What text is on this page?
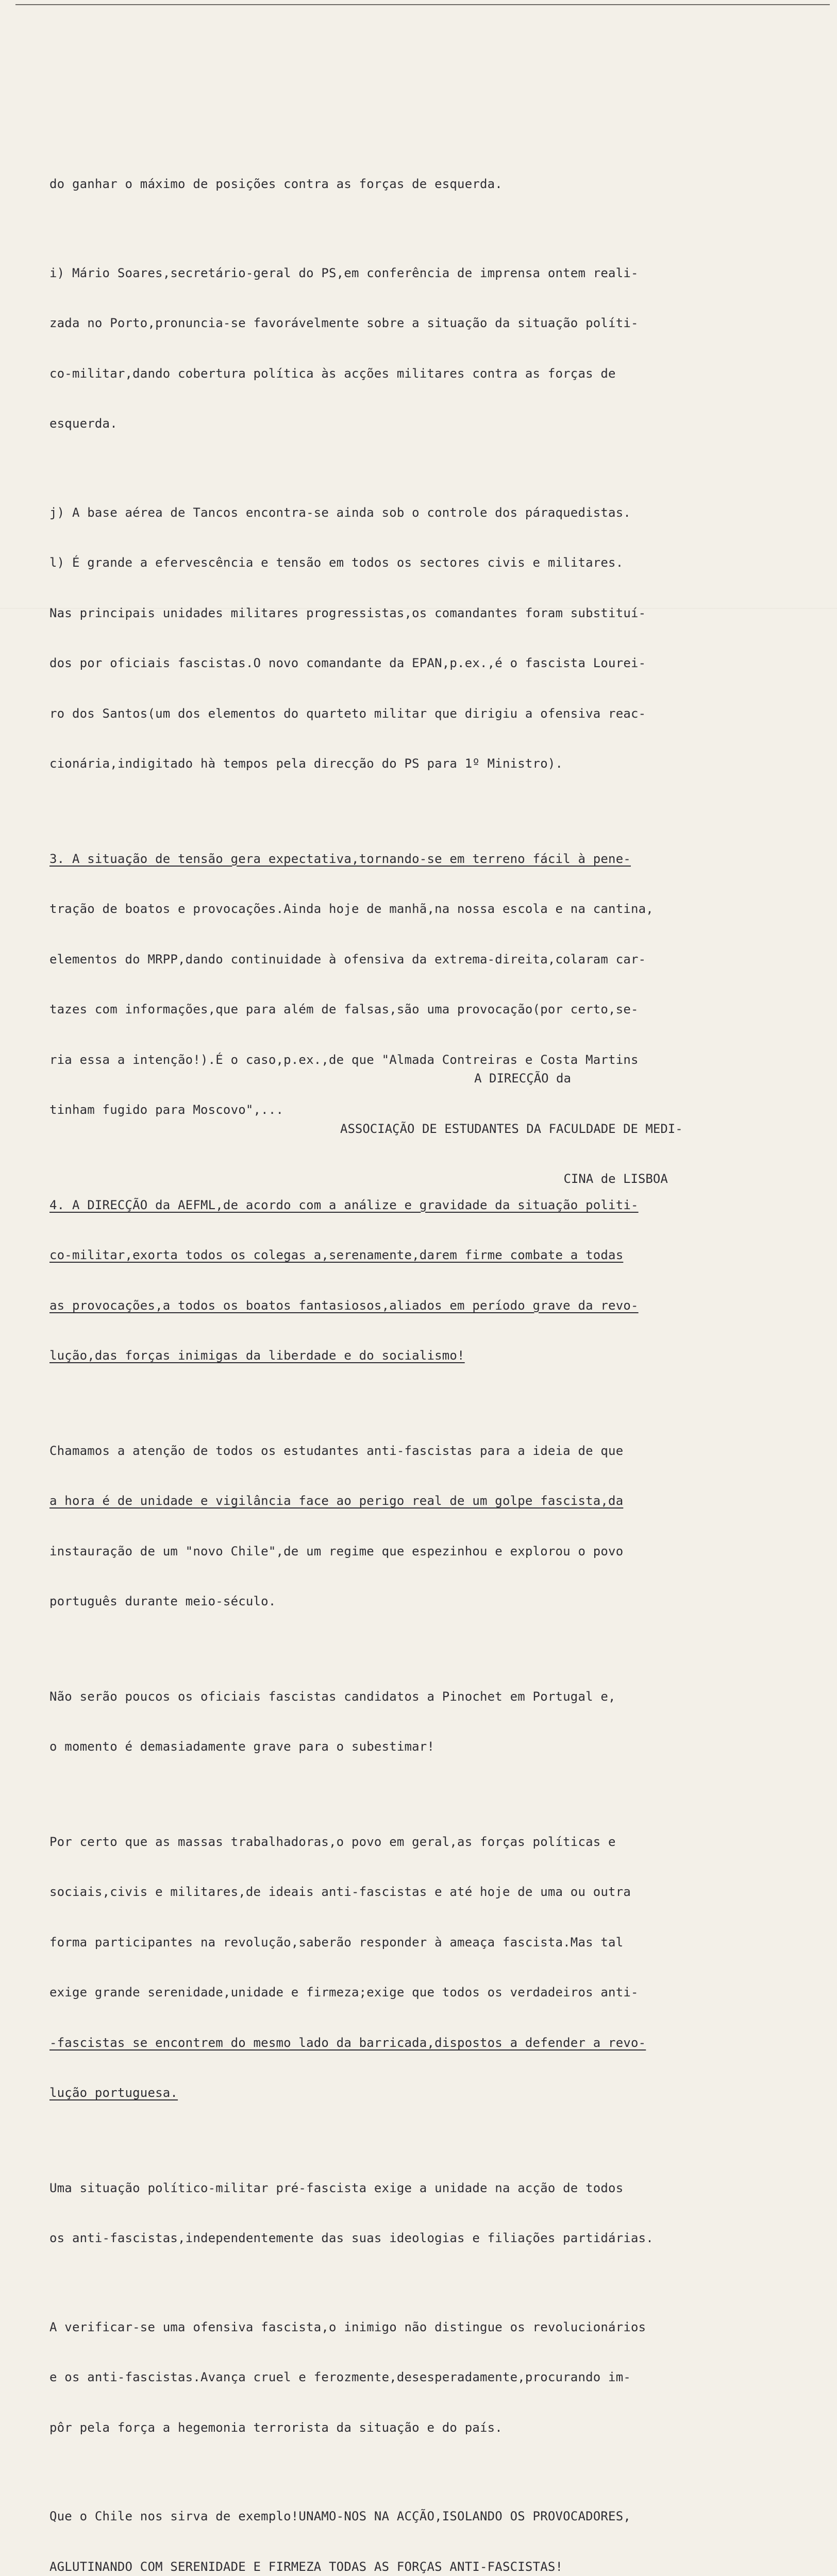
do ganhar o máximo de posições contra as forças de esquerda.

i) Mário Soares,secretário-geral do PS,em conferência de imprensa ontem reali-

zada no Porto,pronuncia-se favorávelmente sobre a situação da situação políti-

co-militar,dando cobertura política às acções militares contra as forças de

esquerda.

j) A base aérea de Tancos encontra-se ainda sob o controle dos páraquedistas.

l) É grande a efervescência e tensão em todos os sectores civis e militares.

Nas principais unidades militares progressistas,os comandantes foram substituí-

dos por oficiais fascistas.O novo comandante da EPAN,p.ex.,é o fascista Lourei-

ro dos Santos(um dos elementos do quarteto militar que dirigiu a ofensiva reac-

cionária,indigitado hà tempos pela direcção do PS para 1º Ministro).

3. A situação de tensão gera expectativa,tornando-se em terreno fácil à pene-

tração de boatos e provocações.Ainda hoje de manhã,na nossa escola e na cantina,

elementos do MRPP,dando continuidade à ofensiva da extrema-direita,colaram car-

tazes com informações,que para além de falsas,são uma provocação(por certo,se-

ria essa a intenção!).É o caso,p.ex.,de que "Almada Contreiras e Costa Martins

tinham fugido para Moscovo",...

4. A DIRECÇÃO da AEFML,de acordo com a análize e gravidade da situação politi-

co-militar,exorta todos os colegas a,serenamente,darem firme combate a todas

as provocações,a todos os boatos fantasiosos,aliados em período grave da revo-

lução,das forças inimigas da liberdade e do socialismo!

Chamamos a atenção de todos os estudantes anti-fascistas para a ideia de que

a hora é de unidade e vigilância face ao perigo real de um golpe fascista,da

instauração de um "novo Chile",de um regime que espezinhou e explorou o povo

português durante meio-século.

Não serão poucos os oficiais fascistas candidatos a Pinochet em Portugal e,

o momento é demasiadamente grave para o subestimar!

Por certo que as massas trabalhadoras,o povo em geral,as forças políticas e

sociais,civis e militares,de ideais anti-fascistas e até hoje de uma ou outra

forma participantes na revolução,saberão responder à ameaça fascista.Mas tal

exige grande serenidade,unidade e firmeza;exige que todos os verdadeiros anti-

-fascistas se encontrem do mesmo lado da barricada,dispostos a defender a revo-

lução portuguesa.

Uma situação político-militar pré-fascista exige a unidade na acção de todos

os anti-fascistas,independentemente das suas ideologias e filiações partidárias.

A verificar-se uma ofensiva fascista,o inimigo não distingue os revolucionários

e os anti-fascistas.Avança cruel e ferozmente,desesperadamente,procurando im-

pôr pela força a hegemonia terrorista da situação e do país.

Que o Chile nos sirva de exemplo!UNAMO-NOS NA ACÇÃO,ISOLANDO OS PROVOCADORES,

AGLUTINANDO COM SERENIDADE E FIRMEZA TODAS AS FORÇAS ANTI-FASCISTAS!

A DIRECÇÃO da

ASSOCIAÇÃO DE ESTUDANTES DA FACULDADE DE MEDI-

CINA de LISBOA
